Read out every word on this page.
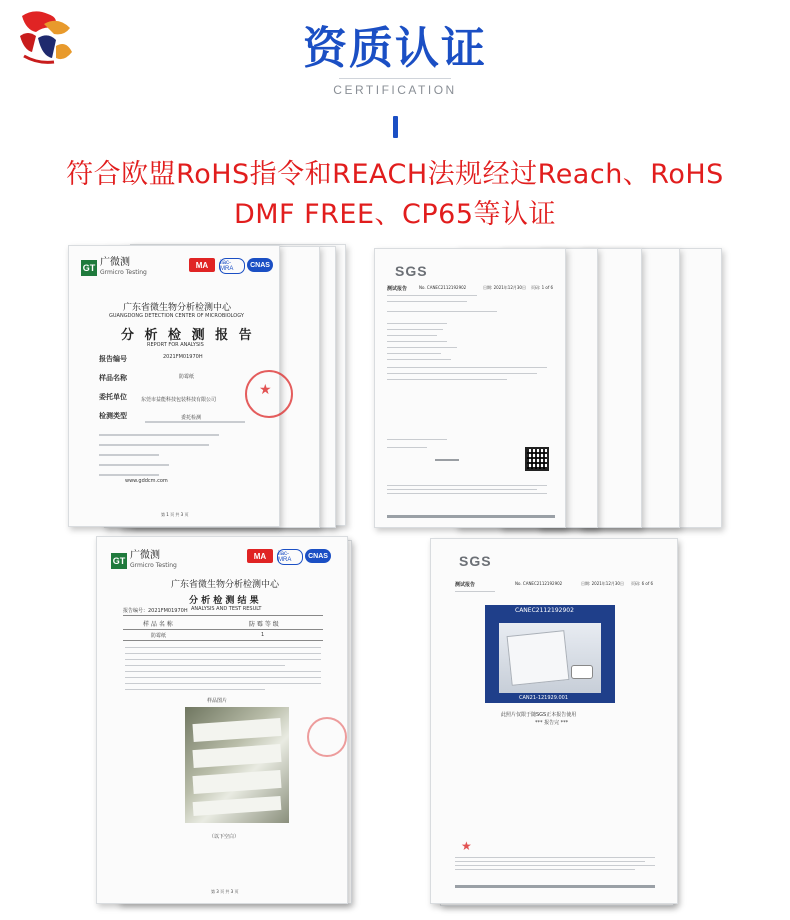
资质认证
CERTIFICATION
符合欧盟RoHS指令和REACH法规经过Reach、RoHS
DMF FREE、CP65等认证
GT 广微测
Grmicro Testing
MA	ilac-MRA
CNAS
广东省微生物分析检测中心
GUANGDONG DETECTION CENTER OF MICROBIOLOGY
分 析 检 测 报 告
REPORT FOR ANALYSIS
报告编号	2021FM01970H
样品名称	防霉纸
委托单位	东莞市益能科技包装科技有限公司
检测类型	委托检测
www.gddcm.com
第 1 页 共 3 页
★
SGS
测试报告	No. CANEC2112192902	日期: 2021年12月30日 页码: 1 of 6
GT 广微测
Grmicro Testing
MA	ilac-MRA
CNAS
广东省微生物分析检测中心
分 析 检 测 结 果
ANALYSIS AND TEST RESULT
报告编号：2021FM01970H
样 品 名 称	防 霉 等 级
防霉纸	1
样品图片
（以下空白）
第 3 页 共 3 页
SGS
测试报告	No. CANEC2112192902	日期: 2021年12月30日 页码: 6 of 6
CANEC2112192902
CAN21-121929.001
此照片仅限于随SGS正本报告使用
*** 报告完 ***
★
